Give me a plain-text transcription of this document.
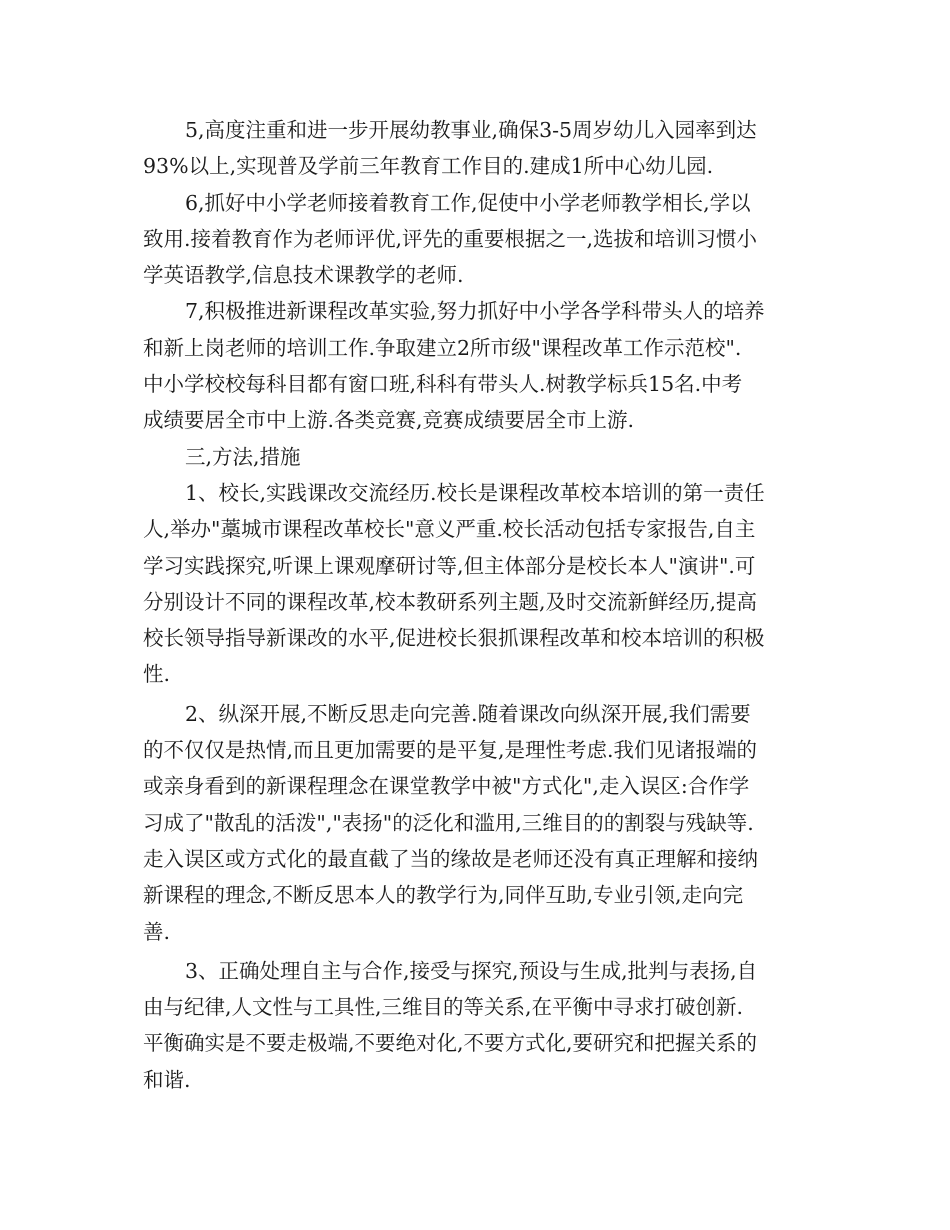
5,高度注重和进一步开展幼教事业,确保3-5周岁幼儿入园率到达
93%以上,实现普及学前三年教育工作目的.建成1所中心幼儿园.
6,抓好中小学老师接着教育工作,促使中小学老师教学相长,学以
致用.接着教育作为老师评优,评先的重要根据之一,选拔和培训习惯小
学英语教学,信息技术课教学的老师.
7,积极推进新课程改革实验,努力抓好中小学各学科带头人的培养
和新上岗老师的培训工作.争取建立2所市级"课程改革工作示范校".
中小学校校每科目都有窗口班,科科有带头人.树教学标兵15名.中考
成绩要居全市中上游.各类竞赛,竞赛成绩要居全市上游.
三,方法,措施
1、校长,实践课改交流经历.校长是课程改革校本培训的第一责任
人,举办"藁城市课程改革校长"意义严重.校长活动包括专家报告,自主
学习实践探究,听课上课观摩研讨等,但主体部分是校长本人"演讲".可
分别设计不同的课程改革,校本教研系列主题,及时交流新鲜经历,提高
校长领导指导新课改的水平,促进校长狠抓课程改革和校本培训的积极
性.
2、纵深开展,不断反思走向完善.随着课改向纵深开展,我们需要
的不仅仅是热情,而且更加需要的是平复,是理性考虑.我们见诸报端的
或亲身看到的新课程理念在课堂教学中被"方式化",走入误区:合作学
习成了"散乱的活泼","表扬"的泛化和滥用,三维目的的割裂与残缺等.
走入误区或方式化的最直截了当的缘故是老师还没有真正理解和接纳
新课程的理念,不断反思本人的教学行为,同伴互助,专业引领,走向完
善.
3、正确处理自主与合作,接受与探究,预设与生成,批判与表扬,自
由与纪律,人文性与工具性,三维目的等关系,在平衡中寻求打破创新.
平衡确实是不要走极端,不要绝对化,不要方式化,要研究和把握关系的
和谐.
